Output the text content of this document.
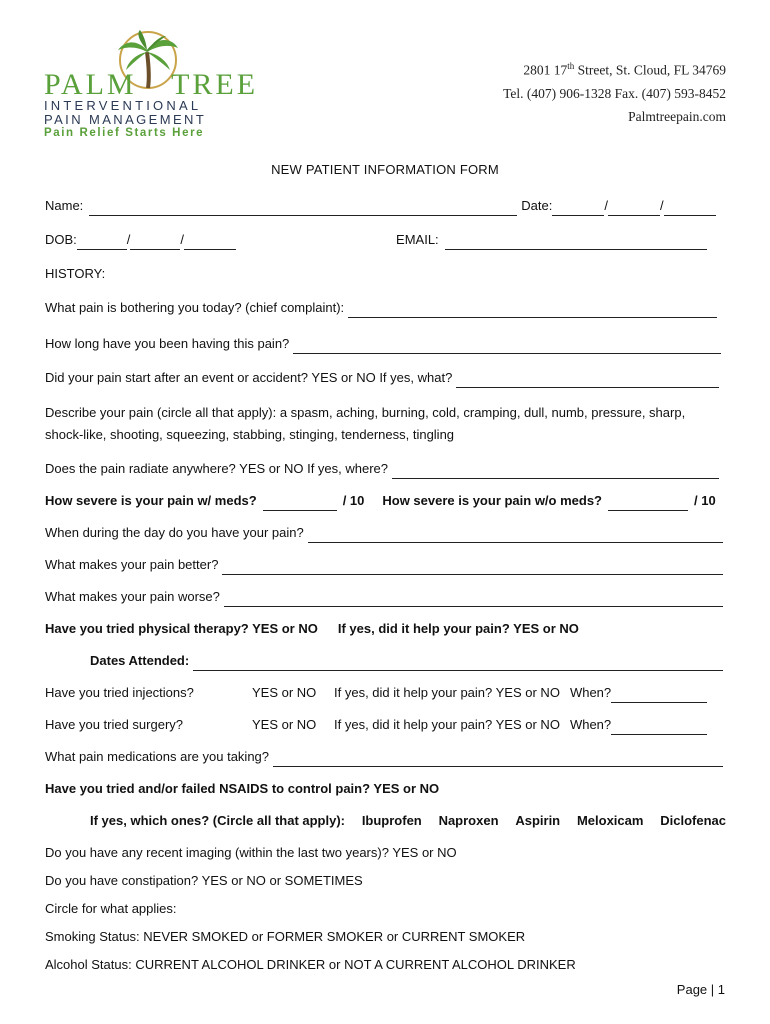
PALM TREE
INTERVENTIONAL
PAIN MANAGEMENT
Pain Relief Starts Here
2801 17th Street, St. Cloud, FL 34769
Tel. (407) 906-1328 Fax. (407) 593-8452
Palmtreepain.com
NEW PATIENT INFORMATION FORM
Name:	Date:	/	/
DOB:	/	/	EMAIL:
HISTORY:
What pain is bothering you today? (chief complaint):
How long have you been having this pain?
Did your pain start after an event or accident? YES or NO If yes, what?
Describe your pain (circle all that apply): a spasm, aching, burning, cold, cramping, dull, numb, pressure, sharp,
shock-like, shooting, squeezing, stabbing, stinging, tenderness, tingling
Does the pain radiate anywhere? YES or NO If yes, where?
How severe is your pain w/ meds?	/ 10 How severe is your pain w/o meds?	/ 10
When during the day do you have your pain?
What makes your pain better?
What makes your pain worse?
Have you tried physical therapy? YES or NO If yes, did it help your pain? YES or NO
Dates Attended:
Have you tried injections?	YES or NO	If yes, did it help your pain? YES or NO When?
Have you tried surgery?	YES or NO	If yes, did it help your pain? YES or NO When?
What pain medications are you taking?
Have you tried and/or failed NSAIDS to control pain? YES or NO
If yes, which ones? (Circle all that apply): Ibuprofen Naproxen Aspirin Meloxicam Diclofenac
Do you have any recent imaging (within the last two years)? YES or NO
Do you have constipation? YES or NO or SOMETIMES
Circle for what applies:
Smoking Status: NEVER SMOKED or FORMER SMOKER or CURRENT SMOKER
Alcohol Status: CURRENT ALCOHOL DRINKER or NOT A CURRENT ALCOHOL DRINKER
Page | 1
